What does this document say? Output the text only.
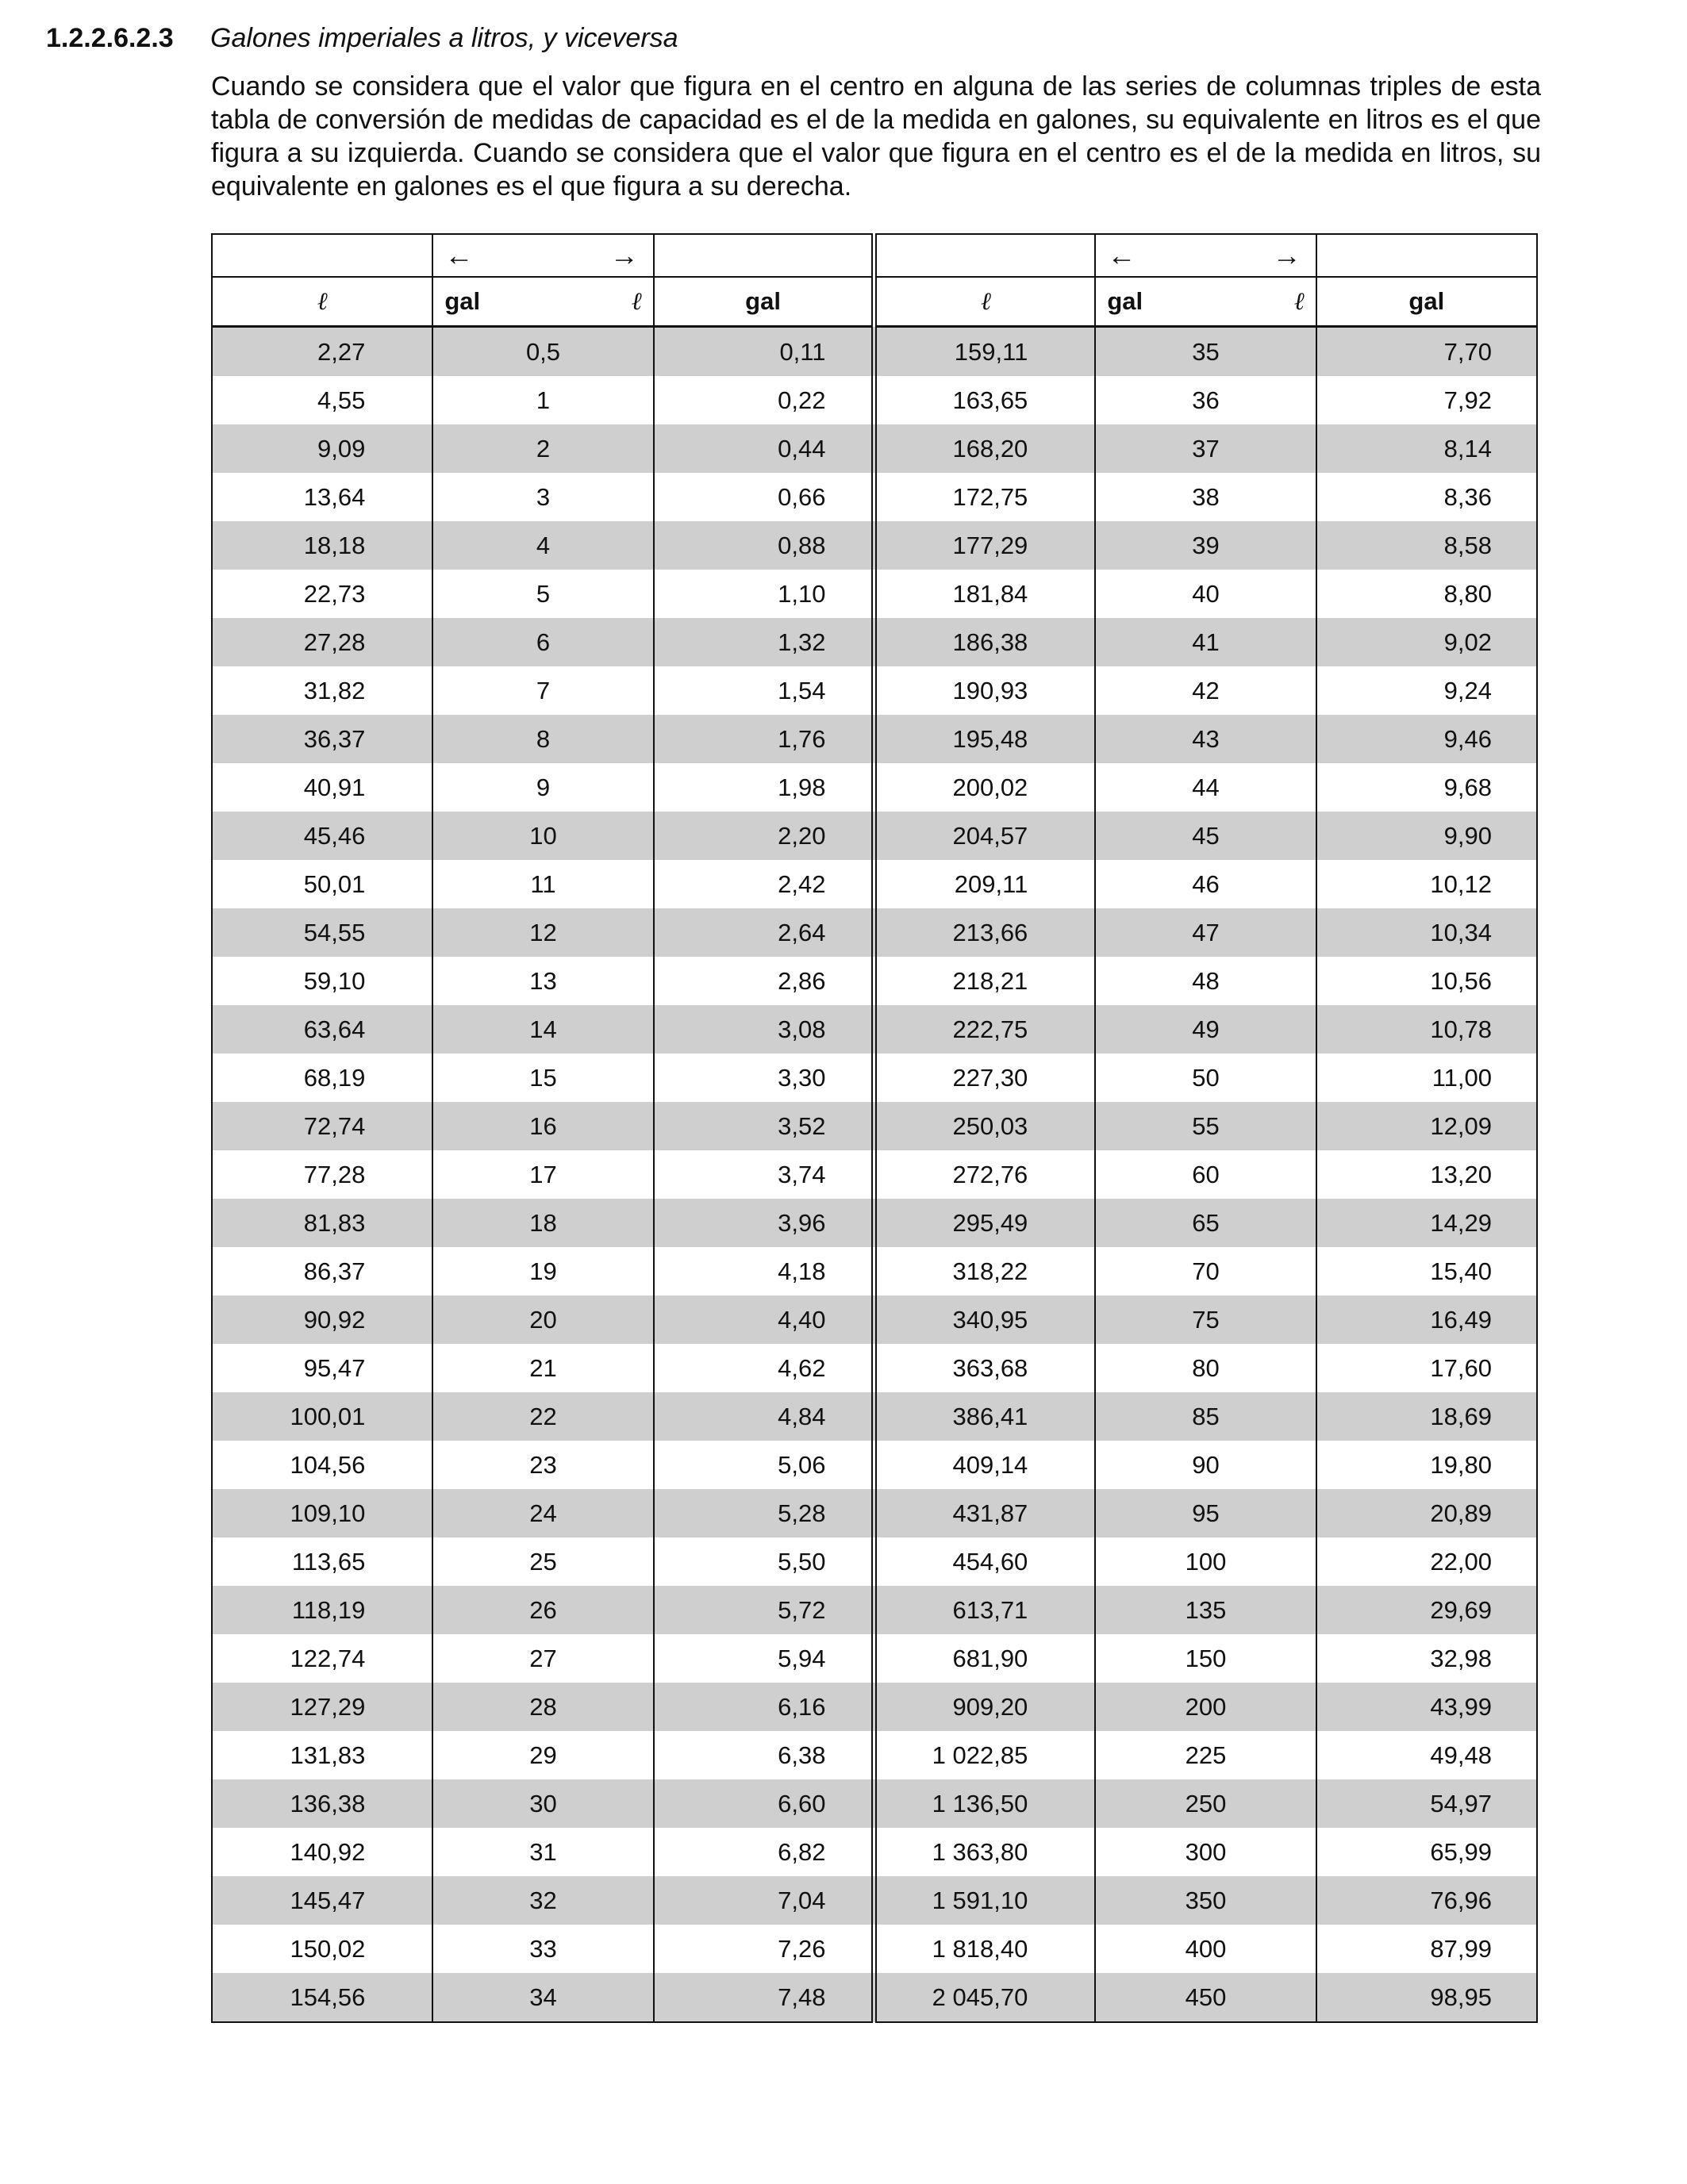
1.2.2.6.2.3 Galones imperiales a litros, y viceversa

Cuando se considera que el valor que figura en el centro en alguna de las series de columnas triples de esta tabla de conversión de medidas de capacidad es el de la medida en galones, su equivalente en litros es el que figura a su izquierda. Cuando se considera que el valor que figura en el centro es el de la medida en litros, su equivalente en galones es el que figura a su derecha.

	← →			← →	

ℓ	gal ℓ	gal	ℓ	gal ℓ	gal

2,27	0,5	0,11	159,11	35	7,70
4,55	1	0,22	163,65	36	7,92
9,09	2	0,44	168,20	37	8,14
13,64	3	0,66	172,75	38	8,36
18,18	4	0,88	177,29	39	8,58
22,73	5	1,10	181,84	40	8,80
27,28	6	1,32	186,38	41	9,02
31,82	7	1,54	190,93	42	9,24
36,37	8	1,76	195,48	43	9,46
40,91	9	1,98	200,02	44	9,68
45,46	10	2,20	204,57	45	9,90
50,01	11	2,42	209,11	46	10,12
54,55	12	2,64	213,66	47	10,34
59,10	13	2,86	218,21	48	10,56
63,64	14	3,08	222,75	49	10,78
68,19	15	3,30	227,30	50	11,00
72,74	16	3,52	250,03	55	12,09
77,28	17	3,74	272,76	60	13,20
81,83	18	3,96	295,49	65	14,29
86,37	19	4,18	318,22	70	15,40
90,92	20	4,40	340,95	75	16,49
95,47	21	4,62	363,68	80	17,60
100,01	22	4,84	386,41	85	18,69
104,56	23	5,06	409,14	90	19,80
109,10	24	5,28	431,87	95	20,89
113,65	25	5,50	454,60	100	22,00
118,19	26	5,72	613,71	135	29,69
122,74	27	5,94	681,90	150	32,98
127,29	28	6,16	909,20	200	43,99
131,83	29	6,38	1 022,85	225	49,48
136,38	30	6,60	1 136,50	250	54,97
140,92	31	6,82	1 363,80	300	65,99
145,47	32	7,04	1 591,10	350	76,96
150,02	33	7,26	1 818,40	400	87,99
154,56	34	7,48	2 045,70	450	98,95
